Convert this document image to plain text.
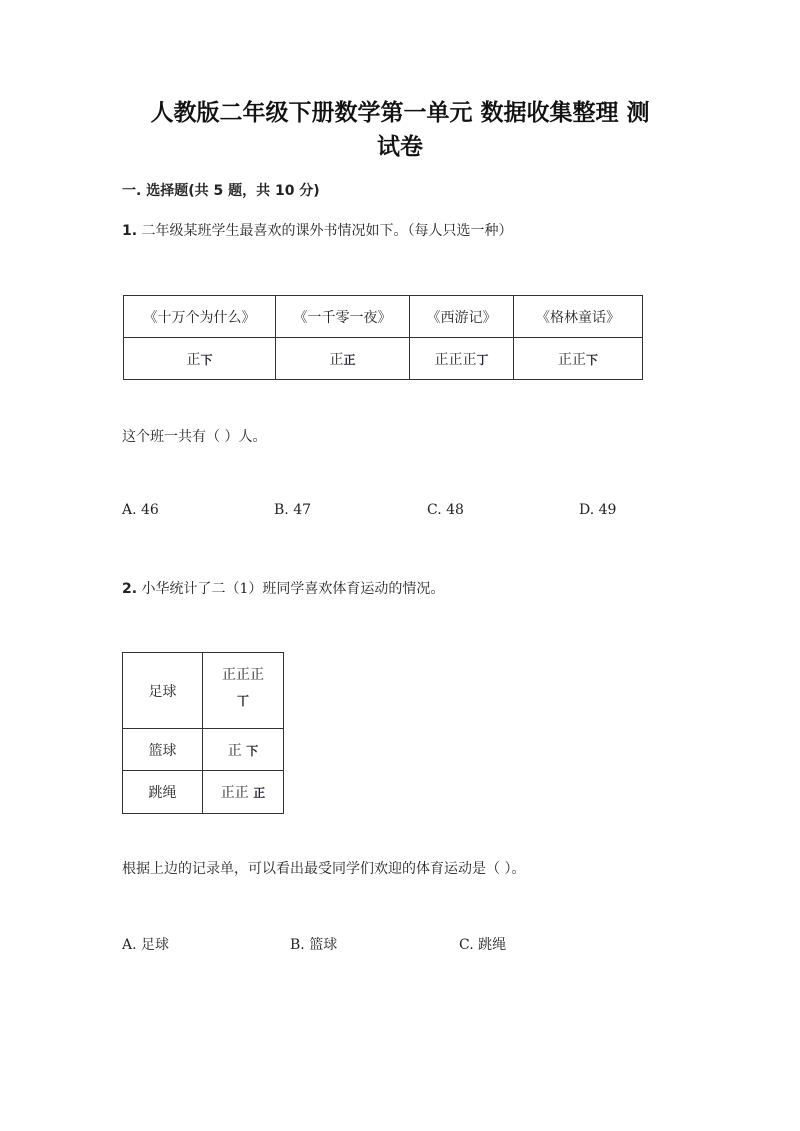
人教版二年级下册数学第一单元 数据收集整理 测
试卷
一. 选择题(共 5 题，共 10 分)
1. 二年级某班学生最喜欢的课外书情况如下。（每人只选一种）
《十万个为什么》	《一千零一夜》	《西游记》	《格林童话》
正下	正正	正正正丁	正正下
这个班一共有（ ）人。
A. 46	B. 47	C. 48	D. 49
2. 小华统计了二（1）班同学喜欢体育运动的情况。
足球	正正正
丅

篮球	正 下
跳绳	正正 正
根据上边的记录单，可以看出最受同学们欢迎的体育运动是（ ）。
A. 足球	B. 篮球	C. 跳绳
